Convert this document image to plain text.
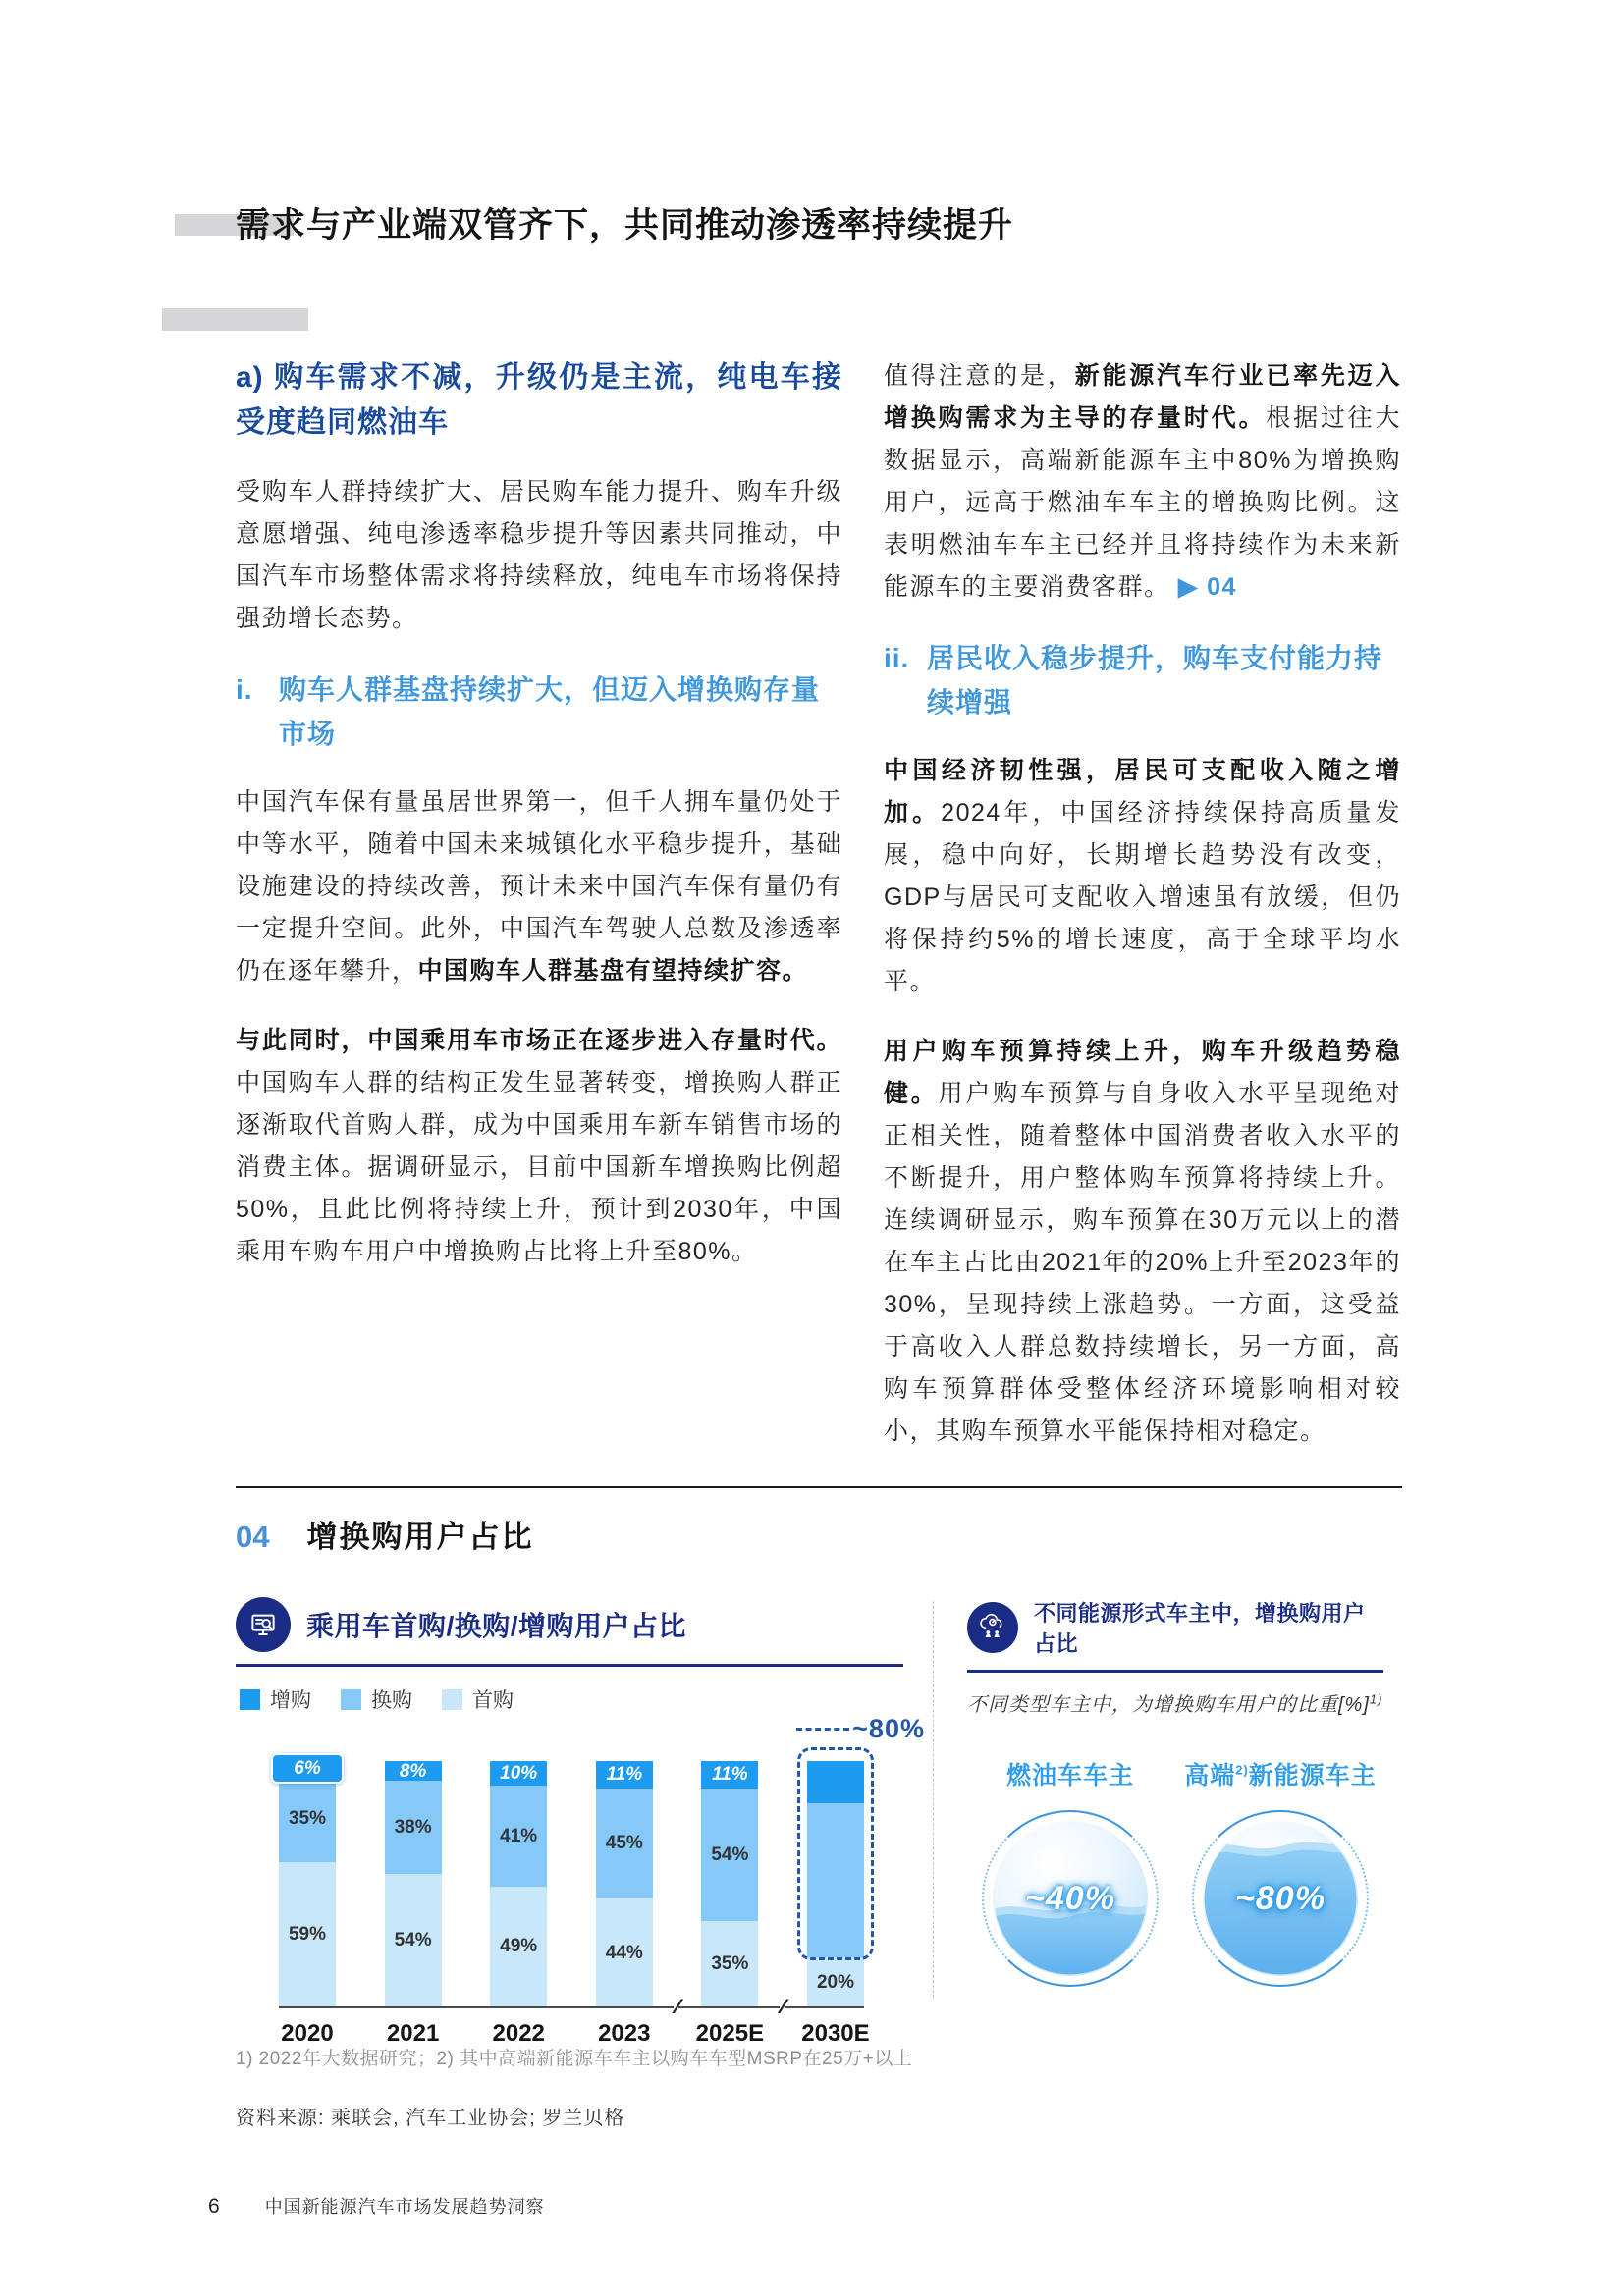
需求与产业端双管齐下，共同推动渗透率持续提升
a) 购车需求不减，升级仍是主流，纯电车接受度趋同燃油车

受购车人群持续扩大、居民购车能力提升、购车升级意愿增强、纯电渗透率稳步提升等因素共同推动，中国汽车市场整体需求将持续释放，纯电车市场将保持强劲增长态势。

i. 购车人群基盘持续扩大，但迈入增换购存量市场

中国汽车保有量虽居世界第一，但千人拥车量仍处于中等水平，随着中国未来城镇化水平稳步提升，基础设施建设的持续改善，预计未来中国汽车保有量仍有一定提升空间。此外，中国汽车驾驶人总数及渗透率仍在逐年攀升，中国购车人群基盘有望持续扩容。

与此同时，中国乘用车市场正在逐步进入存量时代。中国购车人群的结构正发生显著转变，增换购人群正逐渐取代首购人群，成为中国乘用车新车销售市场的消费主体。据调研显示，目前中国新车增换购比例超50%，且此比例将持续上升，预计到2030年，中国乘用车购车用户中增换购占比将上升至80%。

值得注意的是，新能源汽车行业已率先迈入增换购需求为主导的存量时代。根据过往大数据显示，高端新能源车主中80%为增换购用户，远高于燃油车车主的增换购比例。这表明燃油车车主已经并且将持续作为未来新能源车的主要消费客群。 ▶ 04

ii. 居民收入稳步提升，购车支付能力持续增强

中国经济韧性强，居民可支配收入随之增加。2024年，中国经济持续保持高质量发展，稳中向好，长期增长趋势没有改变，GDP与居民可支配收入增速虽有放缓，但仍将保持约5%的增长速度，高于全球平均水平。

用户购车预算持续上升，购车升级趋势稳健。用户购车预算与自身收入水平呈现绝对正相关性，随着整体中国消费者收入水平的不断提升，用户整体购车预算将持续上升。连续调研显示，购车预算在30万元以上的潜在车主占比由2021年的20%上升至2023年的30%，呈现持续上涨趋势。一方面，这受益于高收入人群总数持续增长，另一方面，高购车预算群体受整体经济环境影响相对较小，其购车预算水平能保持相对稳定。

04 增换购用户占比
乘用车首购/换购/增购用户占比
增购	换购	首购
6%
35%
59%
2020
8%
38%
54%
2021
10%
41%
49%
2022
11%
45%
44%
2023
11%
54%
35%
2025E
20%
~80%
2030E
∕∕	∕∕
不同能源形式车主中，增换购用户占比

不同类型车主中，为增换购车用户的比重[%]$^{1)}$

燃油车车主
~40%
高端$^{2)}$新能源车主
~80%

1) 2022年大数据研究；2) 其中高端新能源车车主以购车车型MSRP在25万+以上

资料来源: 乘联会, 汽车工业协会; 罗兰贝格

6	中国新能源汽车市场发展趋势洞察
